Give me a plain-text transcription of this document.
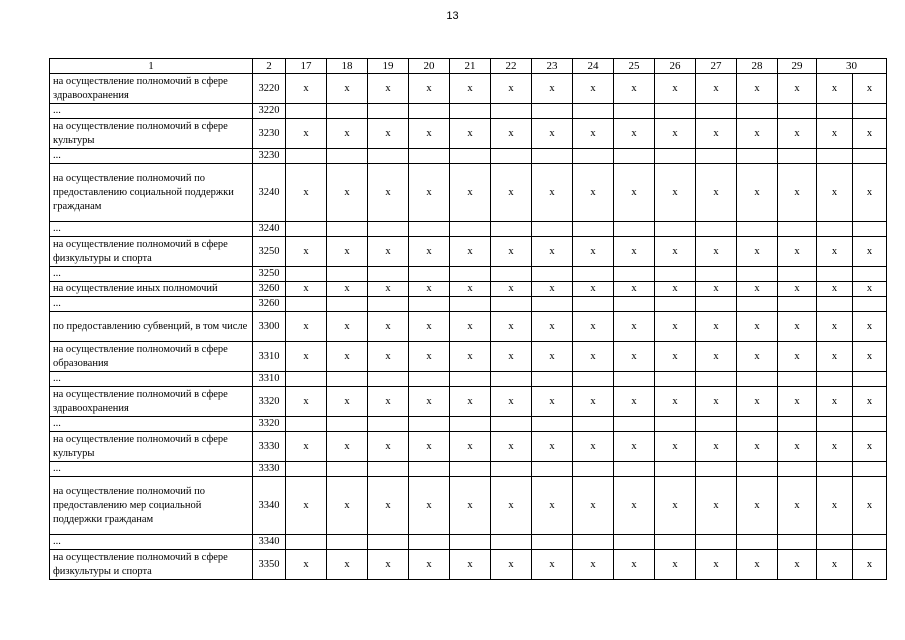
13
1	2	17	18	19	20	21	22	23	24	25	26	27	28	29	30	
на осуществление полномочий в сфере здравоохранения	3220	x	x	x	x	x	x	x	x	x	x	x	x	x	x	x
...	3220															
на осуществление полномочий в сфере культуры	3230	x	x	x	x	x	x	x	x	x	x	x	x	x	x	x
...	3230															
на осуществление полномочий по предоставлению социальной поддержки гражданам	3240	x	x	x	x	x	x	x	x	x	x	x	x	x	x	x
...	3240															
на осуществление полномочий в сфере физкультуры и спорта	3250	x	x	x	x	x	x	x	x	x	x	x	x	x	x	x
...	3250															
на осуществление иных полномочий	3260	x	x	x	x	x	x	x	x	x	x	x	x	x	x	x
...	3260															
по предоставлению субвенций, в том числе	3300	x	x	x	x	x	x	x	x	x	x	x	x	x	x	x
на осуществление полномочий в сфере образования	3310	x	x	x	x	x	x	x	x	x	x	x	x	x	x	x
...	3310															
на осуществление полномочий в сфере здравоохранения	3320	x	x	x	x	x	x	x	x	x	x	x	x	x	x	x
...	3320															
на осуществление полномочий в сфере культуры	3330	x	x	x	x	x	x	x	x	x	x	x	x	x	x	x
...	3330															
на осуществление полномочий по предоставлению мер социальной поддержки гражданам	3340	x	x	x	x	x	x	x	x	x	x	x	x	x	x	x
...	3340															
на осуществление полномочий в сфере физкультуры и спорта	3350	x	x	x	x	x	x	x	x	x	x	x	x	x	x	x
